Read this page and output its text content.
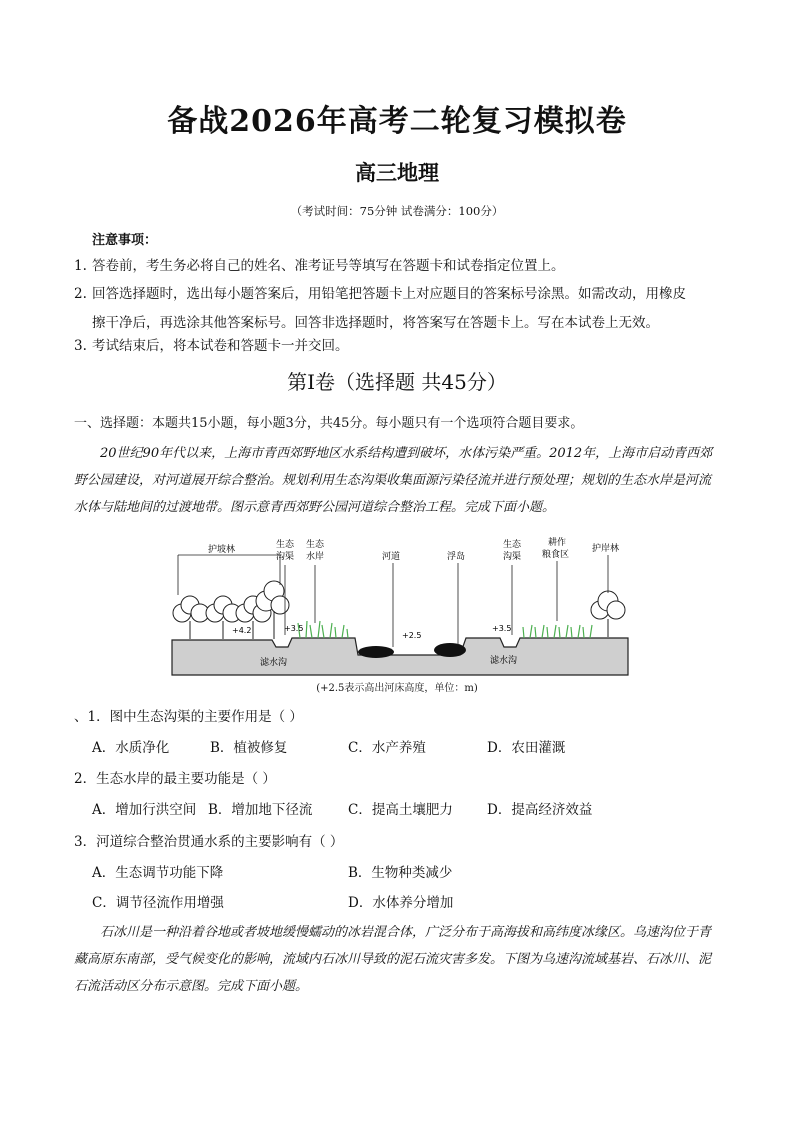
备战2026年高考二轮复习模拟卷
高三地理
（考试时间：75分钟 试卷满分：100分）
注意事项：
1. 答卷前，考生务必将自己的姓名、准考证号等填写在答题卡和试卷指定位置上。
2. 回答选择题时，选出每小题答案后，用铅笔把答题卡上对应题目的答案标号涂黑。如需改动，用橡皮
擦干净后，再选涂其他答案标号。回答非选择题时，将答案写在答题卡上。写在本试卷上无效。
3. 考试结束后，将本试卷和答题卡一并交回。
第Ⅰ卷（选择题 共45分）
一、选择题：本题共15小题，每小题3分，共45分。每小题只有一个选项符合题目要求。
20世纪90年代以来，上海市青西郊野地区水系结构遭到破坏，水体污染严重。2012年，上海市启动青西郊野公园建设，对河道展开综合整治。规划利用生态沟渠收集面源污染径流并进行预处理；规划的生态水岸是河流水体与陆地间的过渡地带。图示意青西郊野公园河道综合整治工程。完成下面小题。
护坡林	生态
沟渠
生态
水岸	河道	浮岛
生态
沟渠
耕作
粮食区
护岸林
+4.2	+3.5
+2.5
+3.5
滤水沟	滤水沟
(+2.5表示高出河床高度，单位：m)
、1．图中生态沟渠的主要作用是（ ）
A．水质净化	B．植被修复	C．水产养殖	D．农田灌溉
2．生态水岸的最主要功能是（ ）
A．增加行洪空间 B．增加地下径流	C．提高土壤肥力	D．提高经济效益
3．河道综合整治贯通水系的主要影响有（ ）
A．生态调节功能下降	B．生物种类减少
C．调节径流作用增强	D．水体养分增加
石冰川是一种沿着谷地或者坡地缓慢蠕动的冰岩混合体，广泛分布于高海拔和高纬度冰缘区。乌速沟位于青藏高原东南部，受气候变化的影响，流域内石冰川导致的泥石流灾害多发。下图为乌速沟流域基岩、石冰川、泥石流活动区分布示意图。完成下面小题。
